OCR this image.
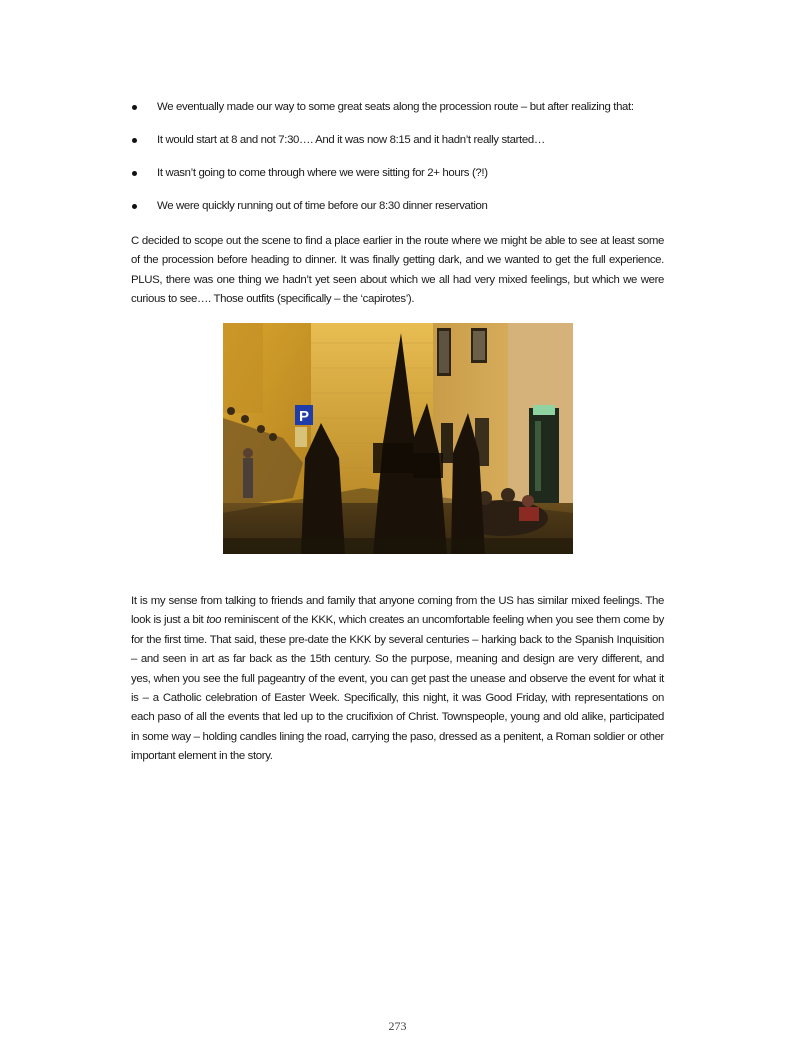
We eventually made our way to some great seats along the procession route – but after realizing that:
It would start at 8 and not 7:30…. And it was now 8:15 and it hadn’t really started…
It wasn’t going to come through where we were sitting for 2+ hours (?!)
We were quickly running out of time before our 8:30 dinner reservation

C decided to scope out the scene to find a place earlier in the route where we might be able to see at least some of the procession before heading to dinner. It was finally getting dark, and we wanted to get the full experience. PLUS, there was one thing we hadn’t yet seen about which we all had very mixed feelings, but which we were curious to see…. Those outfits (specifically – the ‘capirotes’).

P

It is my sense from talking to friends and family that anyone coming from the US has similar mixed feelings. The look is just a bit too reminiscent of the KKK, which creates an uncomfortable feeling when you see them come by for the first time. That said, these pre-date the KKK by several centuries – harking back to the Spanish Inquisition – and seen in art as far back as the 15th century. So the purpose, meaning and design are very different, and yes, when you see the full pageantry of the event, you can get past the unease and observe the event for what it is – a Catholic celebration of Easter Week. Specifically, this night, it was Good Friday, with representations on each paso of all the events that led up to the crucifixion of Christ. Townspeople, young and old alike, participated in some way – holding candles lining the road, carrying the paso, dressed as a penitent, a Roman soldier or other important element in the story.

273
